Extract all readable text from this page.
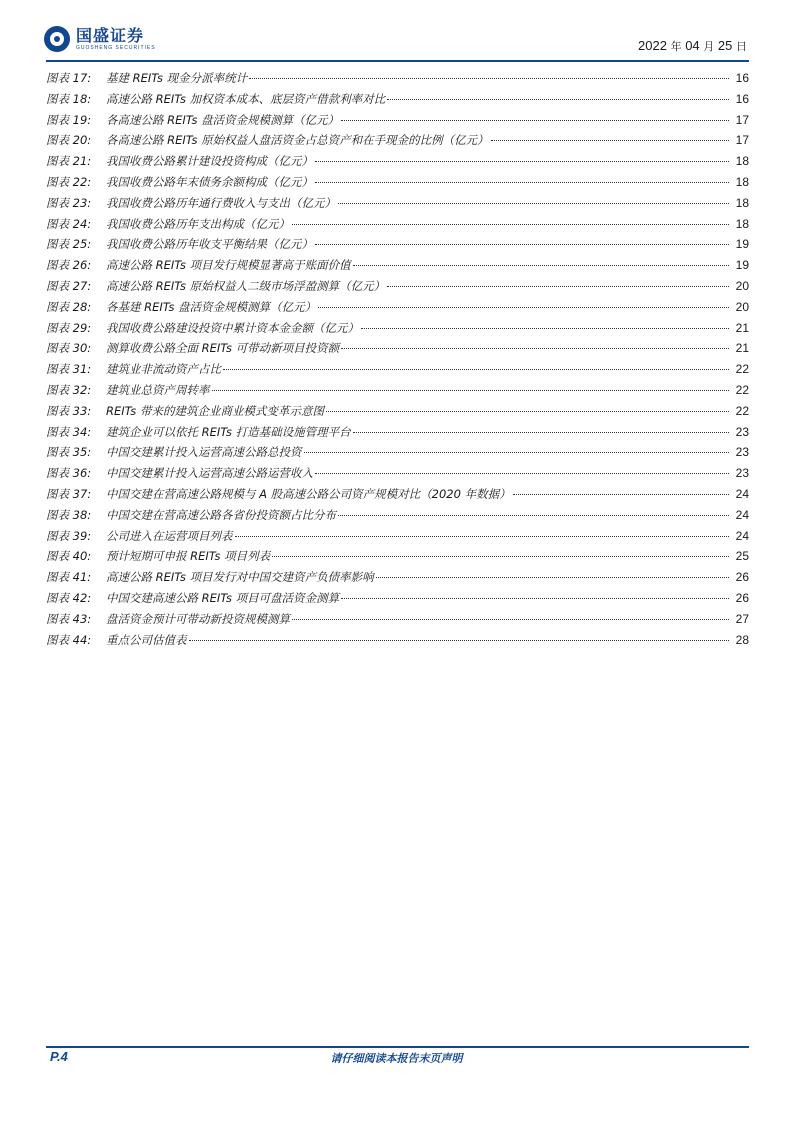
国盛证券
GUOSHENG SECURITIES	2022 年 04 月 25 日
图表 17:	基建 REITs 现金分派率统计	16
图表 18:	高速公路 REITs 加权资本成本、底层资产借款利率对比	16
图表 19:	各高速公路 REITs 盘活资金规模测算（亿元）	17
图表 20:	各高速公路 REITs 原始权益人盘活资金占总资产和在手现金的比例（亿元）	17
图表 21:	我国收费公路累计建设投资构成（亿元）	18
图表 22:	我国收费公路年末债务余额构成（亿元）	18
图表 23:	我国收费公路历年通行费收入与支出（亿元）	18
图表 24:	我国收费公路历年支出构成（亿元）	18
图表 25:	我国收费公路历年收支平衡结果（亿元）	19
图表 26:	高速公路 REITs 项目发行规模显著高于账面价值	19
图表 27:	高速公路 REITs 原始权益人二级市场浮盈测算（亿元）	20
图表 28:	各基建 REITs 盘活资金规模测算（亿元）	20
图表 29:	我国收费公路建设投资中累计资本金金额（亿元）	21
图表 30:	测算收费公路全面 REITs 可带动新项目投资额	21
图表 31:	建筑业非流动资产占比	22
图表 32:	建筑业总资产周转率	22
图表 33:	REITs 带来的建筑企业商业模式变革示意图	22
图表 34:	建筑企业可以依托 REITs 打造基础设施管理平台	23
图表 35:	中国交建累计投入运营高速公路总投资	23
图表 36:	中国交建累计投入运营高速公路运营收入	23
图表 37:	中国交建在营高速公路规模与 A 股高速公路公司资产规模对比（2020 年数据）	24
图表 38:	中国交建在营高速公路各省份投资额占比分布	24
图表 39:	公司进入在运营项目列表	24
图表 40:	预计短期可申报 REITs 项目列表	25
图表 41:	高速公路 REITs 项目发行对中国交建资产负债率影响	26
图表 42:	中国交建高速公路 REITs 项目可盘活资金测算	26
图表 43:	盘活资金预计可带动新投资规模测算	27
图表 44:	重点公司估值表	28
P.4	请仔细阅读本报告末页声明
